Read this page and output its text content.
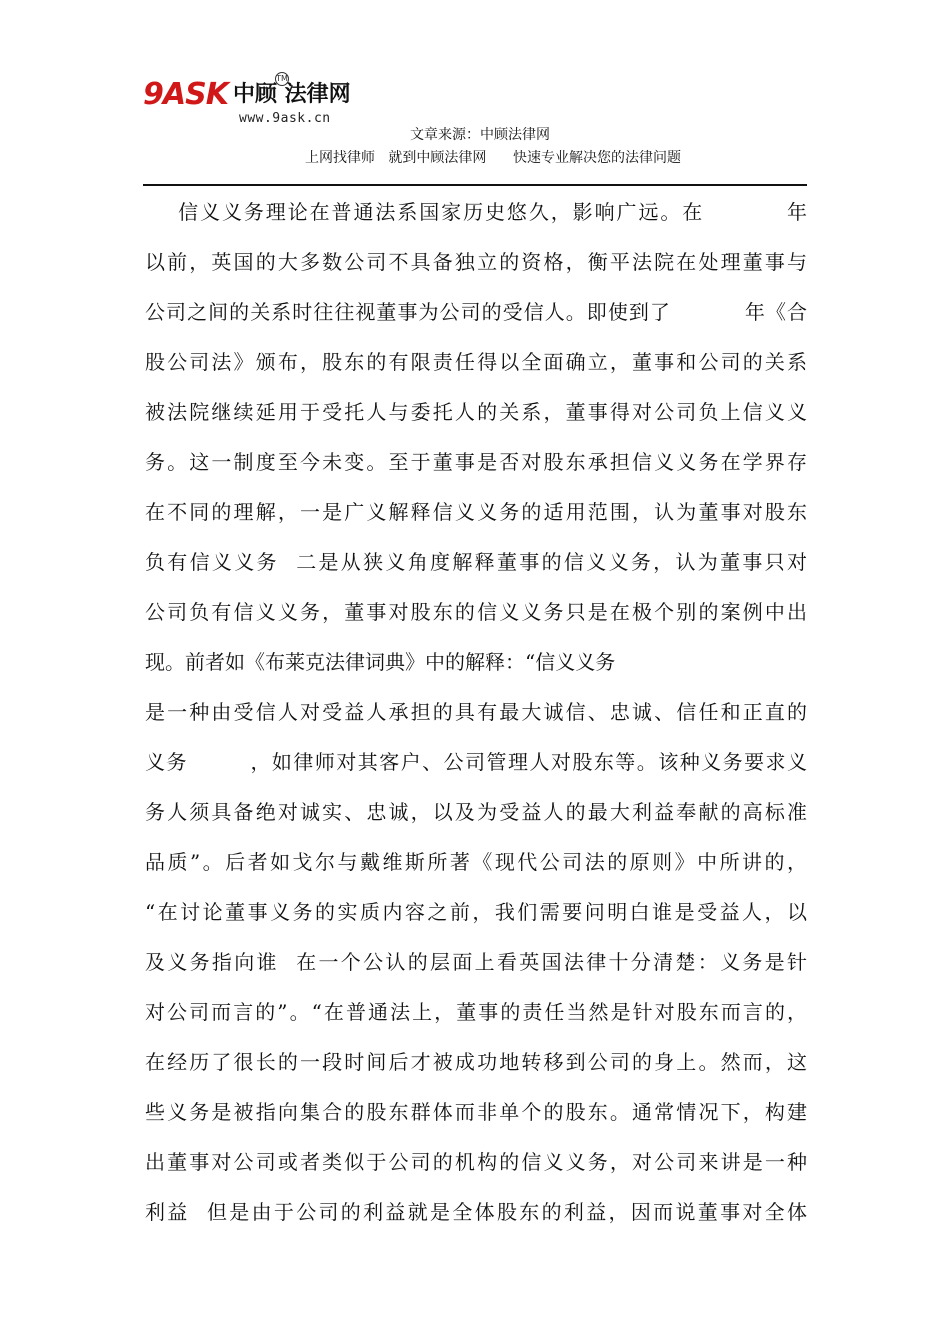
9ASK 中顾 法律网
TM
www.9ask.cn
文章来源：中顾法律网
上网找律师   就到中顾法律网      快速专业解决您的法律问题
信义义务理论在普通法系国家历史悠久，影响广远。在          年
以前，英国的大多数公司不具备独立的资格，衡平法院在处理董事与
公司之间的关系时往往视董事为公司的受信人。即使到了          年《合
股公司法》颁布，股东的有限责任得以全面确立，董事和公司的关系
被法院继续延用于受托人与委托人的关系，董事得对公司负上信义义
务。这一制度至今未变。至于董事是否对股东承担信义义务在学界存
在不同的理解，一是广义解释信义义务的适用范围，认为董事对股东
负有信义义务  二是从狭义角度解释董事的信义义务，认为董事只对
公司负有信义义务，董事对股东的信义义务只是在极个别的案例中出
现。前者如《布莱克法律词典》中的解释：“信义义务
是一种由受信人对受益人承担的具有最大诚信、忠诚、信任和正直的
义务        ，如律师对其客户、公司管理人对股东等。该种义务要求义
务人须具备绝对诚实、忠诚，以及为受益人的最大利益奉献的高标准
品质”。后者如戈尔与戴维斯所著《现代公司法的原则》中所讲的，
“在讨论董事义务的实质内容之前，我们需要问明白谁是受益人，以
及义务指向谁  在一个公认的层面上看英国法律十分清楚：义务是针
对公司而言的”。“在普通法上，董事的责任当然是针对股东而言的，
在经历了很长的一段时间后才被成功地转移到公司的身上。然而，这
些义务是被指向集合的股东群体而非单个的股东。通常情况下，构建
出董事对公司或者类似于公司的机构的信义义务，对公司来讲是一种
利益  但是由于公司的利益就是全体股东的利益，因而说董事对全体
